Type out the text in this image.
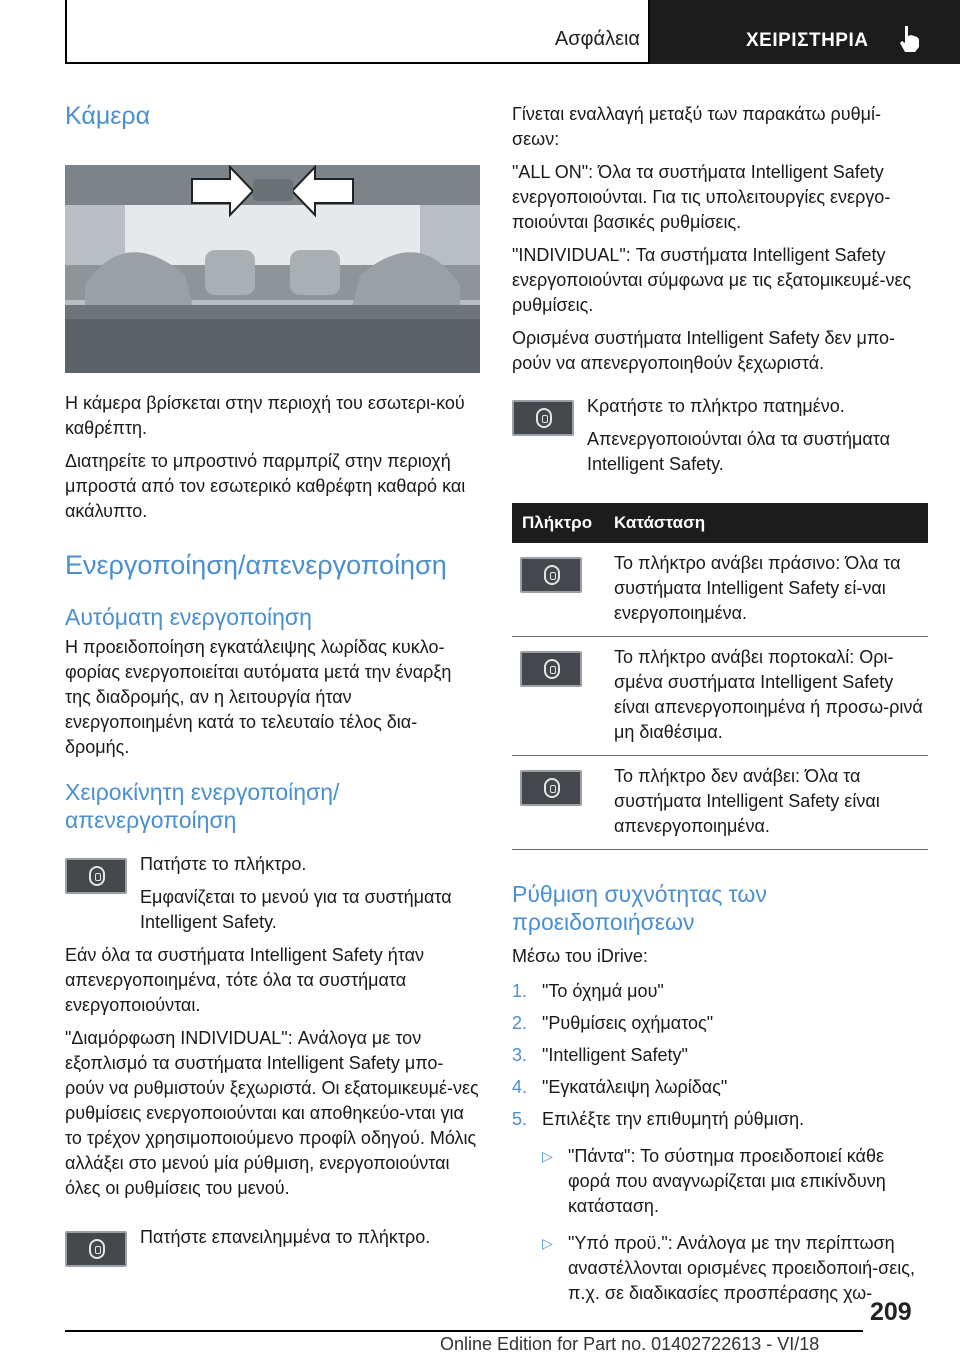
Ασφάλεια	ΧΕΙΡΙΣΤΗΡΙΑ
Κάμερα

Η κάμερα βρίσκεται στην περιοχή του εσωτερι-κού καθρέπτη.

Διατηρείτε το μπροστινό παρμπρίζ στην περιοχή μπροστά από τον εσωτερικό καθρέφτη καθαρό και ακάλυπτο.

Ενεργοποίηση/απενεργοποίηση
Αυτόματη ενεργοποίηση

Η προειδοποίηση εγκατάλειψης λωρίδας κυκλο-φορίας ενεργοποιείται αυτόματα μετά την έναρξη της διαδρομής, αν η λειτουργία ήταν ενεργοποιημένη κατά το τελευταίο τέλος δια-δρομής.

Χειροκίνητη ενεργοποίηση/ απενεργοποίηση

Πατήστε το πλήκτρο.

Εμφανίζεται το μενού για τα συστήματα Intelligent Safety.

Εάν όλα τα συστήματα Intelligent Safety ήταν απενεργοποιημένα, τότε όλα τα συστήματα ενεργοποιούνται.

"Διαμόρφωση INDIVIDUAL": Ανάλογα με τον εξοπλισμό τα συστήματα Intelligent Safety μπο-ρούν να ρυθμιστούν ξεχωριστά. Οι εξατομικευμέ-νες ρυθμίσεις ενεργοποιούνται και αποθηκεύο-νται για το τρέχον χρησιμοποιούμενο προφίλ οδηγού. Μόλις αλλάξει στο μενού μία ρύθμιση, ενεργοποιούνται όλες οι ρυθμίσεις του μενού.

Πατήστε επανειλημμένα το πλήκτρο.

Γίνεται εναλλαγή μεταξύ των παρακάτω ρυθμί-σεων:

"ALL ON": Όλα τα συστήματα Intelligent Safety ενεργοποιούνται. Για τις υπολειτουργίες ενεργο-ποιούνται βασικές ρυθμίσεις.

"INDIVIDUAL": Τα συστήματα Intelligent Safety ενεργοποιούνται σύμφωνα με τις εξατομικευμέ-νες ρυθμίσεις.

Ορισμένα συστήματα Intelligent Safety δεν μπο-ρούν να απενεργοποιηθούν ξεχωριστά.

Κρατήστε το πλήκτρο πατημένο.

Απενεργοποιούνται όλα τα συστήματα Intelligent Safety.

Πλήκτρο	Κατάσταση

	Το πλήκτρο ανάβει πράσινο: Όλα τα συστήματα Intelligent Safety εί-ναι ενεργοποιημένα.

	Το πλήκτρο ανάβει πορτοκαλί: Ορι-σμένα συστήματα Intelligent Safety είναι απενεργοποιημένα ή προσω-ρινά μη διαθέσιμα.

	Το πλήκτρο δεν ανάβει: Όλα τα συστήματα Intelligent Safety είναι απενεργοποιημένα.
Ρύθμιση συχνότητας των προειδοποιήσεων

Μέσω του iDrive:

1. "Το όχημά μου"
2. "Ρυθμίσεις οχήματος"
3. "Intelligent Safety"
4. "Εγκατάλειψη λωρίδας"
5. Επιλέξτε την επιθυμητή ρύθμιση.
▷ "Πάντα": Το σύστημα προειδοποιεί κάθε φορά που αναγνωρίζεται μια επικίνδυνη κατάσταση.
▷ "Υπό προϋ.": Ανάλογα με την περίπτωση αναστέλλονται ορισμένες προειδοποιή-σεις, π.χ. σε διαδικασίες προσπέρασης χω-
209
Online Edition for Part no. 01402722613 - VI/18
